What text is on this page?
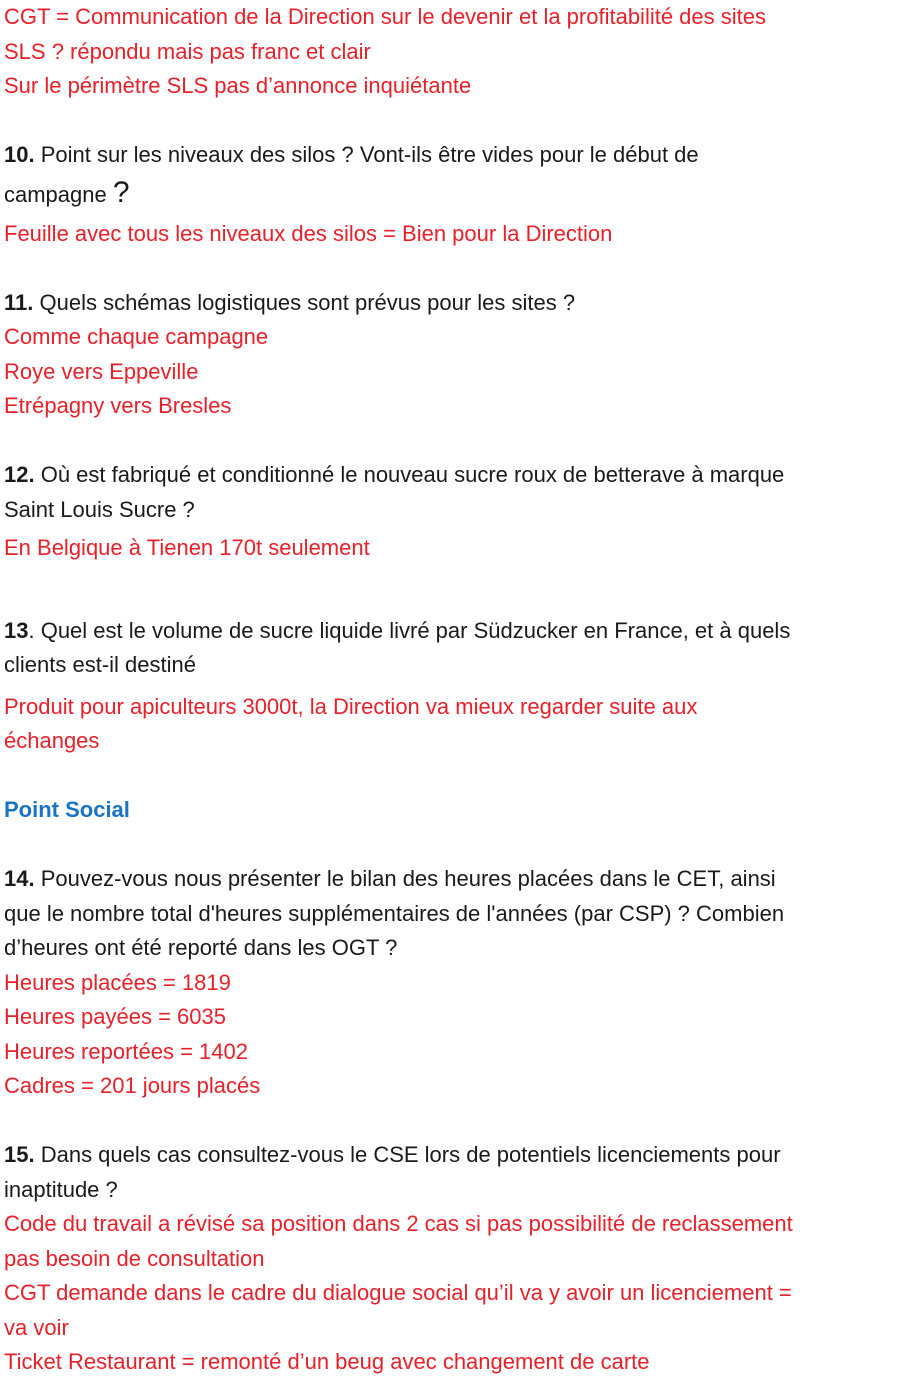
CGT = Communication de la Direction sur le devenir et la profitabilité des sites
SLS ? répondu mais pas franc et clair
Sur le périmètre SLS pas d’annonce inquiétante
10. Point sur les niveaux des silos ? Vont-ils être vides pour le début de
campagne ?
Feuille avec tous les niveaux des silos = Bien pour la Direction
11. Quels schémas logistiques sont prévus pour les sites ?
Comme chaque campagne
Roye vers Eppeville
Etrépagny vers Bresles
12. Où est fabriqué et conditionné le nouveau sucre roux de betterave à marque
Saint Louis Sucre ?
En Belgique à Tienen 170t seulement
13. Quel est le volume de sucre liquide livré par Südzucker en France, et à quels
clients est-il destiné
Produit pour apiculteurs 3000t, la Direction va mieux regarder suite aux
échanges
Point Social
14. Pouvez-vous nous présenter le bilan des heures placées dans le CET, ainsi
que le nombre total d'heures supplémentaires de l'années (par CSP) ? Combien
d’heures ont été reporté dans les OGT ?
Heures placées = 1819
Heures payées = 6035
Heures reportées = 1402
Cadres = 201 jours placés
15. Dans quels cas consultez-vous le CSE lors de potentiels licenciements pour
inaptitude ?
Code du travail a révisé sa position dans 2 cas si pas possibilité de reclassement
pas besoin de consultation
CGT demande dans le cadre du dialogue social qu’il va y avoir un licenciement =
va voir
Ticket Restaurant = remonté d’un beug avec changement de carte
